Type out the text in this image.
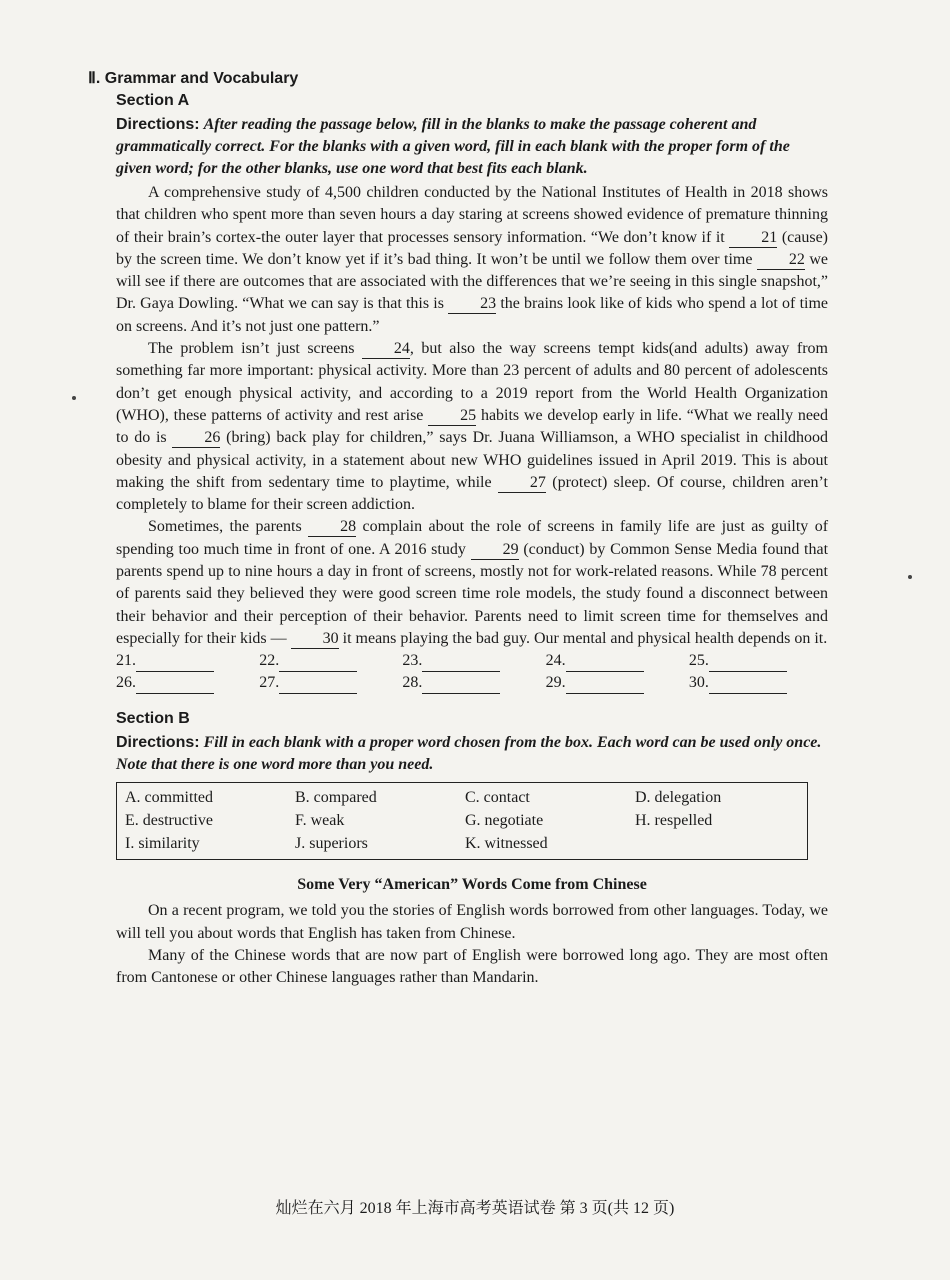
Ⅱ. Grammar and Vocabulary
Section A
Directions: After reading the passage below, fill in the blanks to make the passage coherent and grammatically correct. For the blanks with a given word, fill in each blank with the proper form of the given word; for the other blanks, use one word that best fits each blank.

A comprehensive study of 4,500 children conducted by the National Institutes of Health in 2018 shows that children who spent more than seven hours a day staring at screens showed evidence of premature thinning of their brain’s cortex-the outer layer that processes sensory information. “We don’t know if it 21 (cause) by the screen time. We don’t know yet if it’s bad thing. It won’t be until we follow them over time 22 we will see if there are outcomes that are associated with the differences that we’re seeing in this single snapshot,” Dr. Gaya Dowling. “What we can say is that this is 23 the brains look like of kids who spend a lot of time on screens. And it’s not just one pattern.”

The problem isn’t just screens 24, but also the way screens tempt kids(and adults) away from something far more important: physical activity. More than 23 percent of adults and 80 percent of adolescents don’t get enough physical activity, and according to a 2019 report from the World Health Organization (WHO), these patterns of activity and rest arise 25 habits we develop early in life. “What we really need to do is 26 (bring) back play for children,” says Dr. Juana Williamson, a WHO specialist in childhood obesity and physical activity, in a statement about new WHO guidelines issued in April 2019. This is about making the shift from sedentary time to playtime, while 27 (protect) sleep. Of course, children aren’t completely to blame for their screen addiction.

Sometimes, the parents 28 complain about the role of screens in family life are just as guilty of spending too much time in front of one. A 2016 study 29 (conduct) by Common Sense Media found that parents spend up to nine hours a day in front of screens, mostly not for work-related reasons. While 78 percent of parents said they believed they were good screen time role models, the study found a disconnect between their behavior and their perception of their behavior. Parents need to limit screen time for themselves and especially for their kids — 30 it means playing the bad guy. Our mental and physical health depends on it.

21.	22.	23.	24.	25.
26.	27.	28.	29.	30.
Section B
Directions: Fill in each blank with a proper word chosen from the box. Each word can be used only once. Note that there is one word more than you need.
A. committed	B. compared	C. contact	D. delegation
E. destructive	F. weak	G. negotiate	H. respelled
I. similarity	J. superiors	K. witnessed
Some Very “American” Words Come from Chinese

On a recent program, we told you the stories of English words borrowed from other languages. Today, we will tell you about words that English has taken from Chinese.

Many of the Chinese words that are now part of English were borrowed long ago. They are most often from Cantonese or other Chinese languages rather than Mandarin.

灿烂在六月 2018 年上海市高考英语试卷 第 3 页(共 12 页)
